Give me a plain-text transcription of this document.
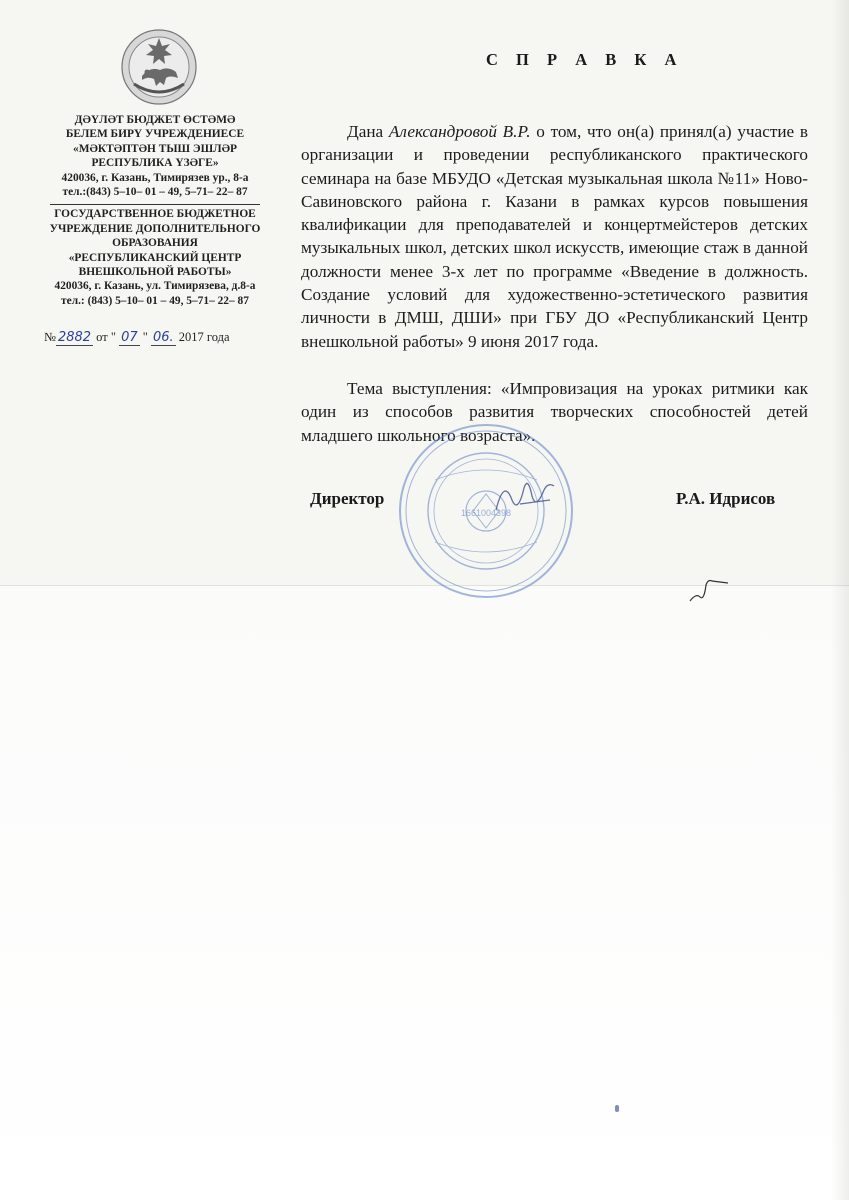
ДӘҮЛӘТ БЮДЖЕТ ӨСТӘМӘ
БЕЛЕМ БИРҮ УЧРЕЖДЕНИЕСЕ
«МӘКТӘПТӘН ТЫШ ЭШЛӘР
РЕСПУБЛИКА ҮЗӘГЕ»
420036, г. Казань, Тимирязев ур., 8-а
тел.:(843) 5–10– 01 – 49, 5–71– 22– 87
ГОСУДАРСТВЕННОЕ БЮДЖЕТНОЕ
УЧРЕЖДЕНИЕ ДОПОЛНИТЕЛЬНОГО
ОБРАЗОВАНИЯ
«РЕСПУБЛИКАНСКИЙ ЦЕНТР
ВНЕШКОЛЬНОЙ РАБОТЫ»
420036, г. Казань, ул. Тимирязева, д.8-а
тел.: (843) 5–10– 01 – 49, 5–71– 22– 87
№ 2882 от " 07 " 06. 2017 года
С П Р А В К А

Дана Александровой В.Р. о том, что он(а) принял(а) участие в организации и проведении республиканского практического семинара на базе МБУДО «Детская музыкальная школа №11» Ново-Савиновского района г. Казани в рамках курсов повышения квалификации для преподавателей и концертмейстеров детских музыкальных школ, детских школ искусств, имеющие стаж в данной должности менее 3-х лет по программе «Введение в должность. Создание условий для художественно-эстетического развития личности в ДМШ, ДШИ» при ГБУ ДО «Республиканский Центр внешкольной работы» 9 июня 2017 года.

Тема выступления: «Импровизация на уроках ритмики как один из способов развития творческих способностей детей младшего школьного возраста».

1661004398
Директор	Р.А. Идрисов
